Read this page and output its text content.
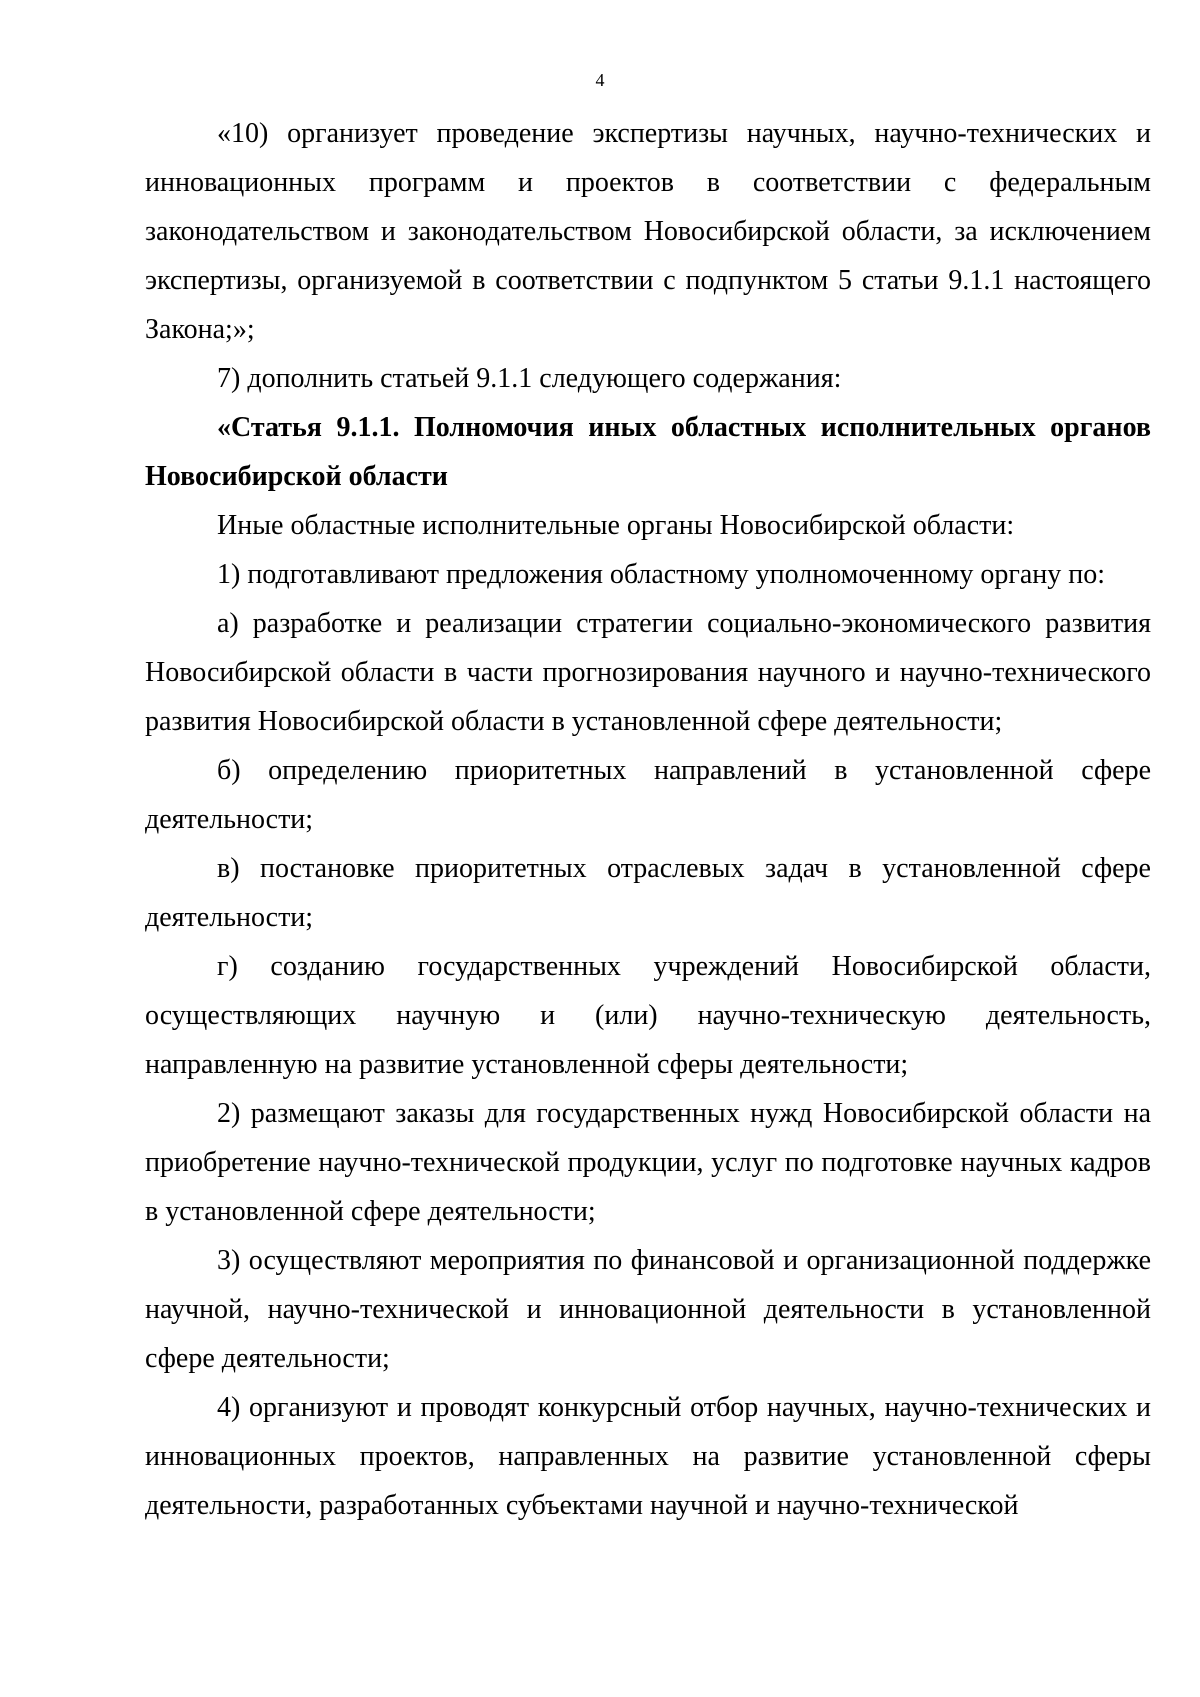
4

«10) организует проведение экспертизы научных, научно-технических и инновационных программ и проектов в соответствии с федеральным законодательством и законодательством Новосибирской области, за исключением экспертизы, организуемой в соответствии с подпунктом 5 статьи 9.1.1 настоящего Закона;»;

7) дополнить статьей 9.1.1 следующего содержания:

«Статья 9.1.1. Полномочия иных областных исполнительных органов Новосибирской области

Иные областные исполнительные органы Новосибирской области:

1) подготавливают предложения областному уполномоченному органу по:

а) разработке и реализации стратегии социально-экономического развития Новосибирской области в части прогнозирования научного и научно-технического развития Новосибирской области в установленной сфере деятельности;

б) определению приоритетных направлений в установленной сфере деятельности;

в) постановке приоритетных отраслевых задач в установленной сфере деятельности;

г) созданию государственных учреждений Новосибирской области, осуществляющих научную и (или) научно-техническую деятельность, направленную на развитие установленной сферы деятельности;

2) размещают заказы для государственных нужд Новосибирской области на приобретение научно-технической продукции, услуг по подготовке научных кадров в установленной сфере деятельности;

3) осуществляют мероприятия по финансовой и организационной поддержке научной, научно-технической и инновационной деятельности в установленной сфере деятельности;

4) организуют и проводят конкурсный отбор научных, научно-технических и инновационных проектов, направленных на развитие установленной сферы деятельности, разработанных субъектами научной и научно-технической
